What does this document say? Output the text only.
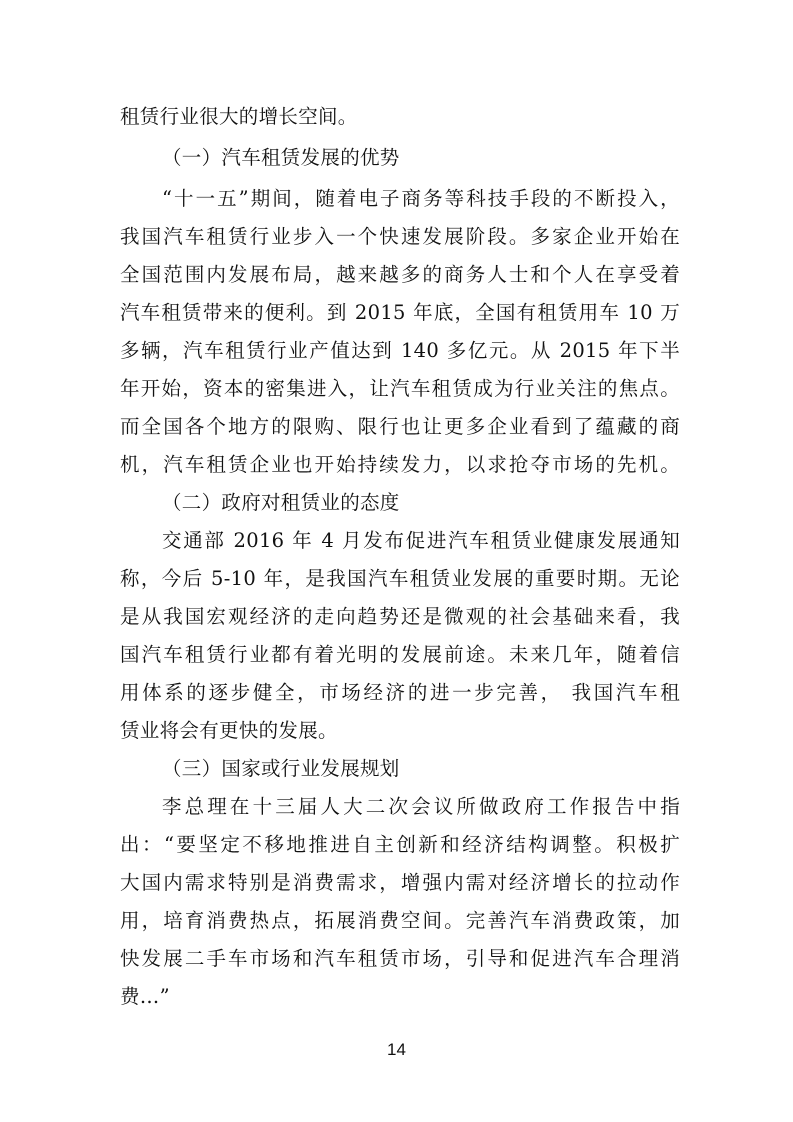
租赁行业很大的增长空间。
（一）汽车租赁发展的优势
“十一五”期间，随着电子商务等科技手段的不断投入，
我国汽车租赁行业步入一个快速发展阶段。多家企业开始在
全国范围内发展布局，越来越多的商务人士和个人在享受着
汽车租赁带来的便利。到 2015 年底，全国有租赁用车 10 万
多辆，汽车租赁行业产值达到 140 多亿元。从 2015 年下半
年开始，资本的密集进入，让汽车租赁成为行业关注的焦点。
而全国各个地方的限购、限行也让更多企业看到了蕴藏的商
机，汽车租赁企业也开始持续发力，以求抢夺市场的先机。
（二）政府对租赁业的态度
交通部 2016 年 4 月发布促进汽车租赁业健康发展通知
称，今后 5-10 年，是我国汽车租赁业发展的重要时期。无论
是从我国宏观经济的走向趋势还是微观的社会基础来看，我
国汽车租赁行业都有着光明的发展前途。未来几年，随着信
用体系的逐步健全，市场经济的进一步完善， 我国汽车租
赁业将会有更快的发展。
（三）国家或行业发展规划
李总理在十三届人大二次会议所做政府工作报告中指
出：“要坚定不移地推进自主创新和经济结构调整。积极扩
大国内需求特别是消费需求，增强内需对经济增长的拉动作
用，培育消费热点，拓展消费空间。完善汽车消费政策，加
快发展二手车市场和汽车租赁市场，引导和促进汽车合理消
费…”
14
